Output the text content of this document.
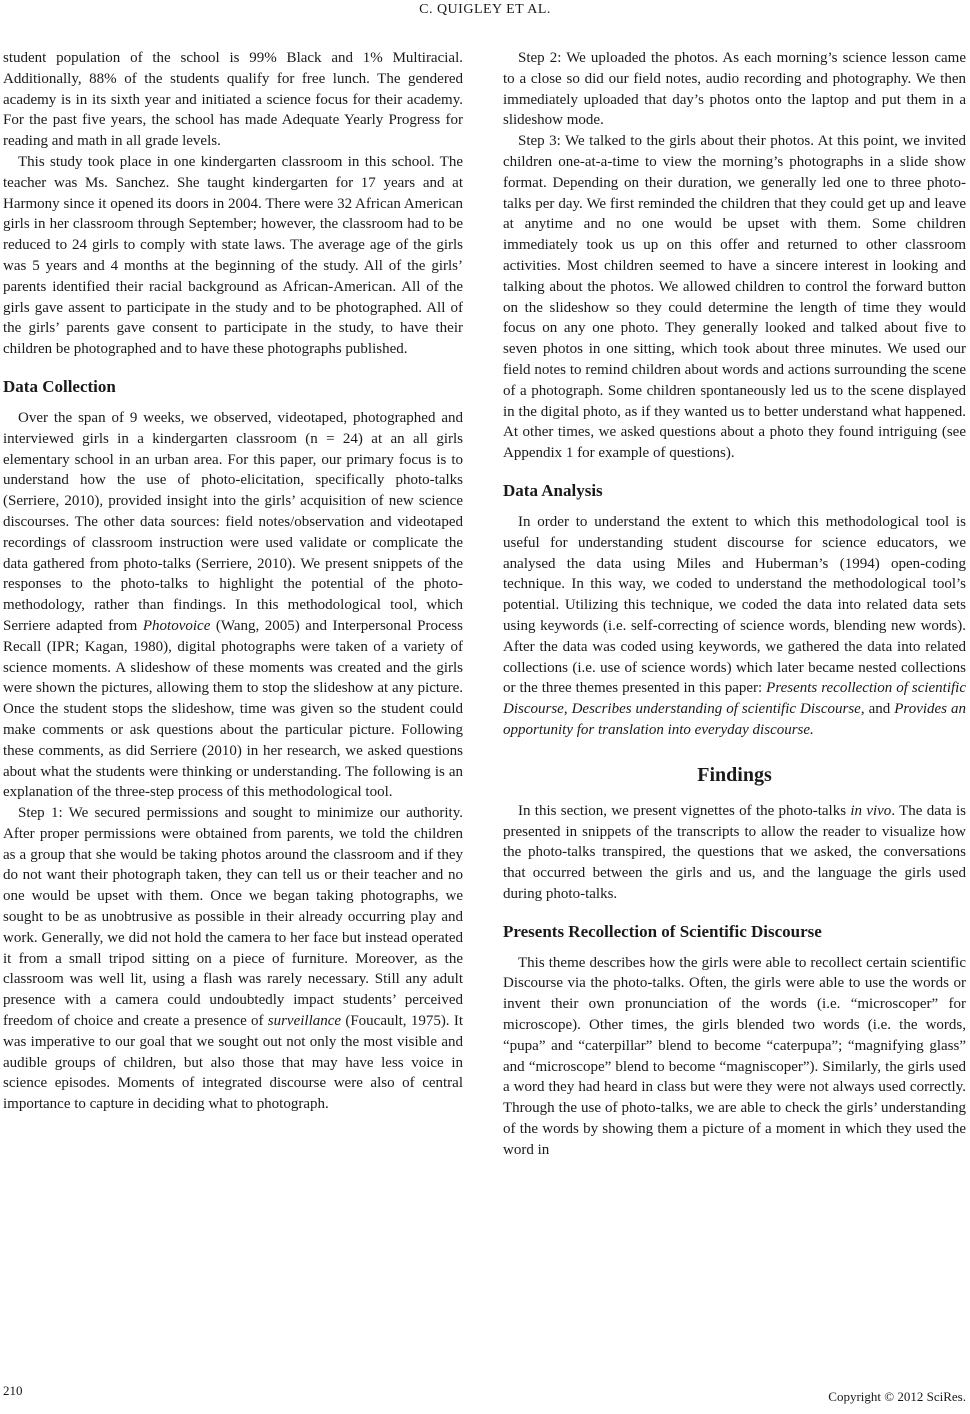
C. QUIGLEY ET AL.

student population of the school is 99% Black and 1% Multiracial. Additionally, 88% of the students qualify for free lunch. The gendered academy is in its sixth year and initiated a science focus for their academy. For the past five years, the school has made Adequate Yearly Progress for reading and math in all grade levels.

This study took place in one kindergarten classroom in this school. The teacher was Ms. Sanchez. She taught kindergarten for 17 years and at Harmony since it opened its doors in 2004. There were 32 African American girls in her classroom through September; however, the classroom had to be reduced to 24 girls to comply with state laws. The average age of the girls was 5 years and 4 months at the beginning of the study. All of the girls’ parents identified their racial background as African-American. All of the girls gave assent to participate in the study and to be photographed. All of the girls’ parents gave consent to participate in the study, to have their children be photographed and to have these photographs published.

Data Collection

Over the span of 9 weeks, we observed, videotaped, photographed and interviewed girls in a kindergarten classroom (n = 24) at an all girls elementary school in an urban area. For this paper, our primary focus is to understand how the use of photo-elicitation, specifically photo-talks (Serriere, 2010), provided insight into the girls’ acquisition of new science discourses. The other data sources: field notes/observation and videotaped recordings of classroom instruction were used validate or complicate the data gathered from photo-talks (Serriere, 2010). We present snippets of the responses to the photo-talks to highlight the potential of the photo-methodology, rather than findings. In this methodological tool, which Serriere adapted from Photovoice (Wang, 2005) and Interpersonal Process Recall (IPR; Kagan, 1980), digital photographs were taken of a variety of science moments. A slideshow of these moments was created and the girls were shown the pictures, allowing them to stop the slideshow at any picture. Once the student stops the slideshow, time was given so the student could make comments or ask questions about the particular picture. Following these comments, as did Serriere (2010) in her research, we asked questions about what the students were thinking or understanding. The following is an explanation of the three-step process of this methodological tool.

Step 1: We secured permissions and sought to minimize our authority. After proper permissions were obtained from parents, we told the children as a group that she would be taking photos around the classroom and if they do not want their photograph taken, they can tell us or their teacher and no one would be upset with them. Once we began taking photographs, we sought to be as unobtrusive as possible in their already occurring play and work. Generally, we did not hold the camera to her face but instead operated it from a small tripod sitting on a piece of furniture. Moreover, as the classroom was well lit, using a flash was rarely necessary. Still any adult presence with a camera could undoubtedly impact students’ perceived freedom of choice and create a presence of surveillance (Foucault, 1975). It was imperative to our goal that we sought out not only the most visible and audible groups of children, but also those that may have less voice in science episodes. Moments of integrated discourse were also of central importance to capture in deciding what to photograph.

Step 2: We uploaded the photos. As each morning’s science lesson came to a close so did our field notes, audio recording and photography. We then immediately uploaded that day’s photos onto the laptop and put them in a slideshow mode.

Step 3: We talked to the girls about their photos. At this point, we invited children one-at-a-time to view the morning’s photographs in a slide show format. Depending on their duration, we generally led one to three photo-talks per day. We first reminded the children that they could get up and leave at anytime and no one would be upset with them. Some children immediately took us up on this offer and returned to other classroom activities. Most children seemed to have a sincere interest in looking and talking about the photos. We allowed children to control the forward button on the slideshow so they could determine the length of time they would focus on any one photo. They generally looked and talked about five to seven photos in one sitting, which took about three minutes. We used our field notes to remind children about words and actions surrounding the scene of a photograph. Some children spontaneously led us to the scene displayed in the digital photo, as if they wanted us to better understand what happened. At other times, we asked questions about a photo they found intriguing (see Appendix 1 for example of questions).

Data Analysis

In order to understand the extent to which this methodological tool is useful for understanding student discourse for science educators, we analysed the data using Miles and Huberman’s (1994) open-coding technique. In this way, we coded to understand the methodological tool’s potential. Utilizing this technique, we coded the data into related data sets using keywords (i.e. self-correcting of science words, blending new words). After the data was coded using keywords, we gathered the data into related collections (i.e. use of science words) which later became nested collections or the three themes presented in this paper: Presents recollection of scientific Discourse, Describes understanding of scientific Discourse, and Provides an opportunity for translation into everyday discourse.

Findings

In this section, we present vignettes of the photo-talks in vivo. The data is presented in snippets of the transcripts to allow the reader to visualize how the photo-talks transpired, the questions that we asked, the conversations that occurred between the girls and us, and the language the girls used during photo-talks.

Presents Recollection of Scientific Discourse

This theme describes how the girls were able to recollect certain scientific Discourse via the photo-talks. Often, the girls were able to use the words or invent their own pronunciation of the words (i.e. “microscoper” for microscope). Other times, the girls blended two words (i.e. the words, “pupa” and “caterpillar” blend to become “caterpupa”; “magnifying glass” and “microscope” blend to become “magniscoper”). Similarly, the girls used a word they had heard in class but were they were not always used correctly. Through the use of photo-talks, we are able to check the girls’ understanding of the words by showing them a picture of a moment in which they used the word in

210	Copyright © 2012 SciRes.
